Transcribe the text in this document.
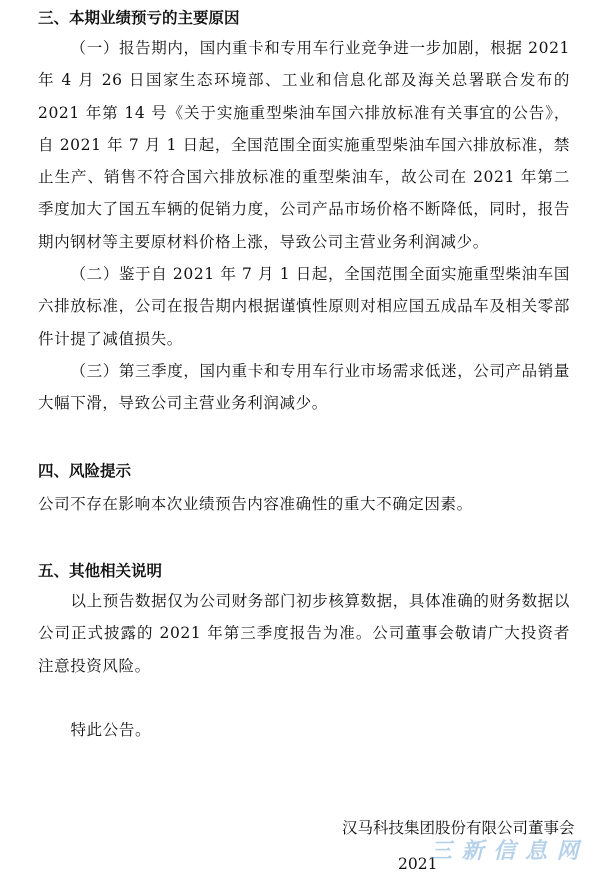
三、本期业绩预亏的主要原因
（一）报告期内，国内重卡和专用车行业竞争进一步加剧，根据 2021 年 4 月 26 日国家生态环境部、工业和信息化部及海关总署联合发布的 2021 年第 14 号《关于实施重型柴油车国六排放标准有关事宜的公告》，自 2021 年 7 月 1 日起，全国范围全面实施重型柴油车国六排放标准，禁止生产、销售不符合国六排放标准的重型柴油车，故公司在 2021 年第二季度加大了国五车辆的促销力度，公司产品市场价格不断降低，同时，报告期内钢材等主要原材料价格上涨，导致公司主营业务利润减少。
（二）鉴于自 2021 年 7 月 1 日起，全国范围全面实施重型柴油车国六排放标准，公司在报告期内根据谨慎性原则对相应国五成品车及相关零部件计提了减值损失。
（三）第三季度，国内重卡和专用车行业市场需求低迷，公司产品销量大幅下滑，导致公司主营业务利润减少。
四、风险提示
公司不存在影响本次业绩预告内容准确性的重大不确定因素。
五、其他相关说明
以上预告数据仅为公司财务部门初步核算数据，具体准确的财务数据以公司正式披露的 2021 年第三季度报告为准。公司董事会敬请广大投资者注意投资风险。
特此公告。
汉马科技集团股份有限公司董事会
2021
三 新 信 息 网
